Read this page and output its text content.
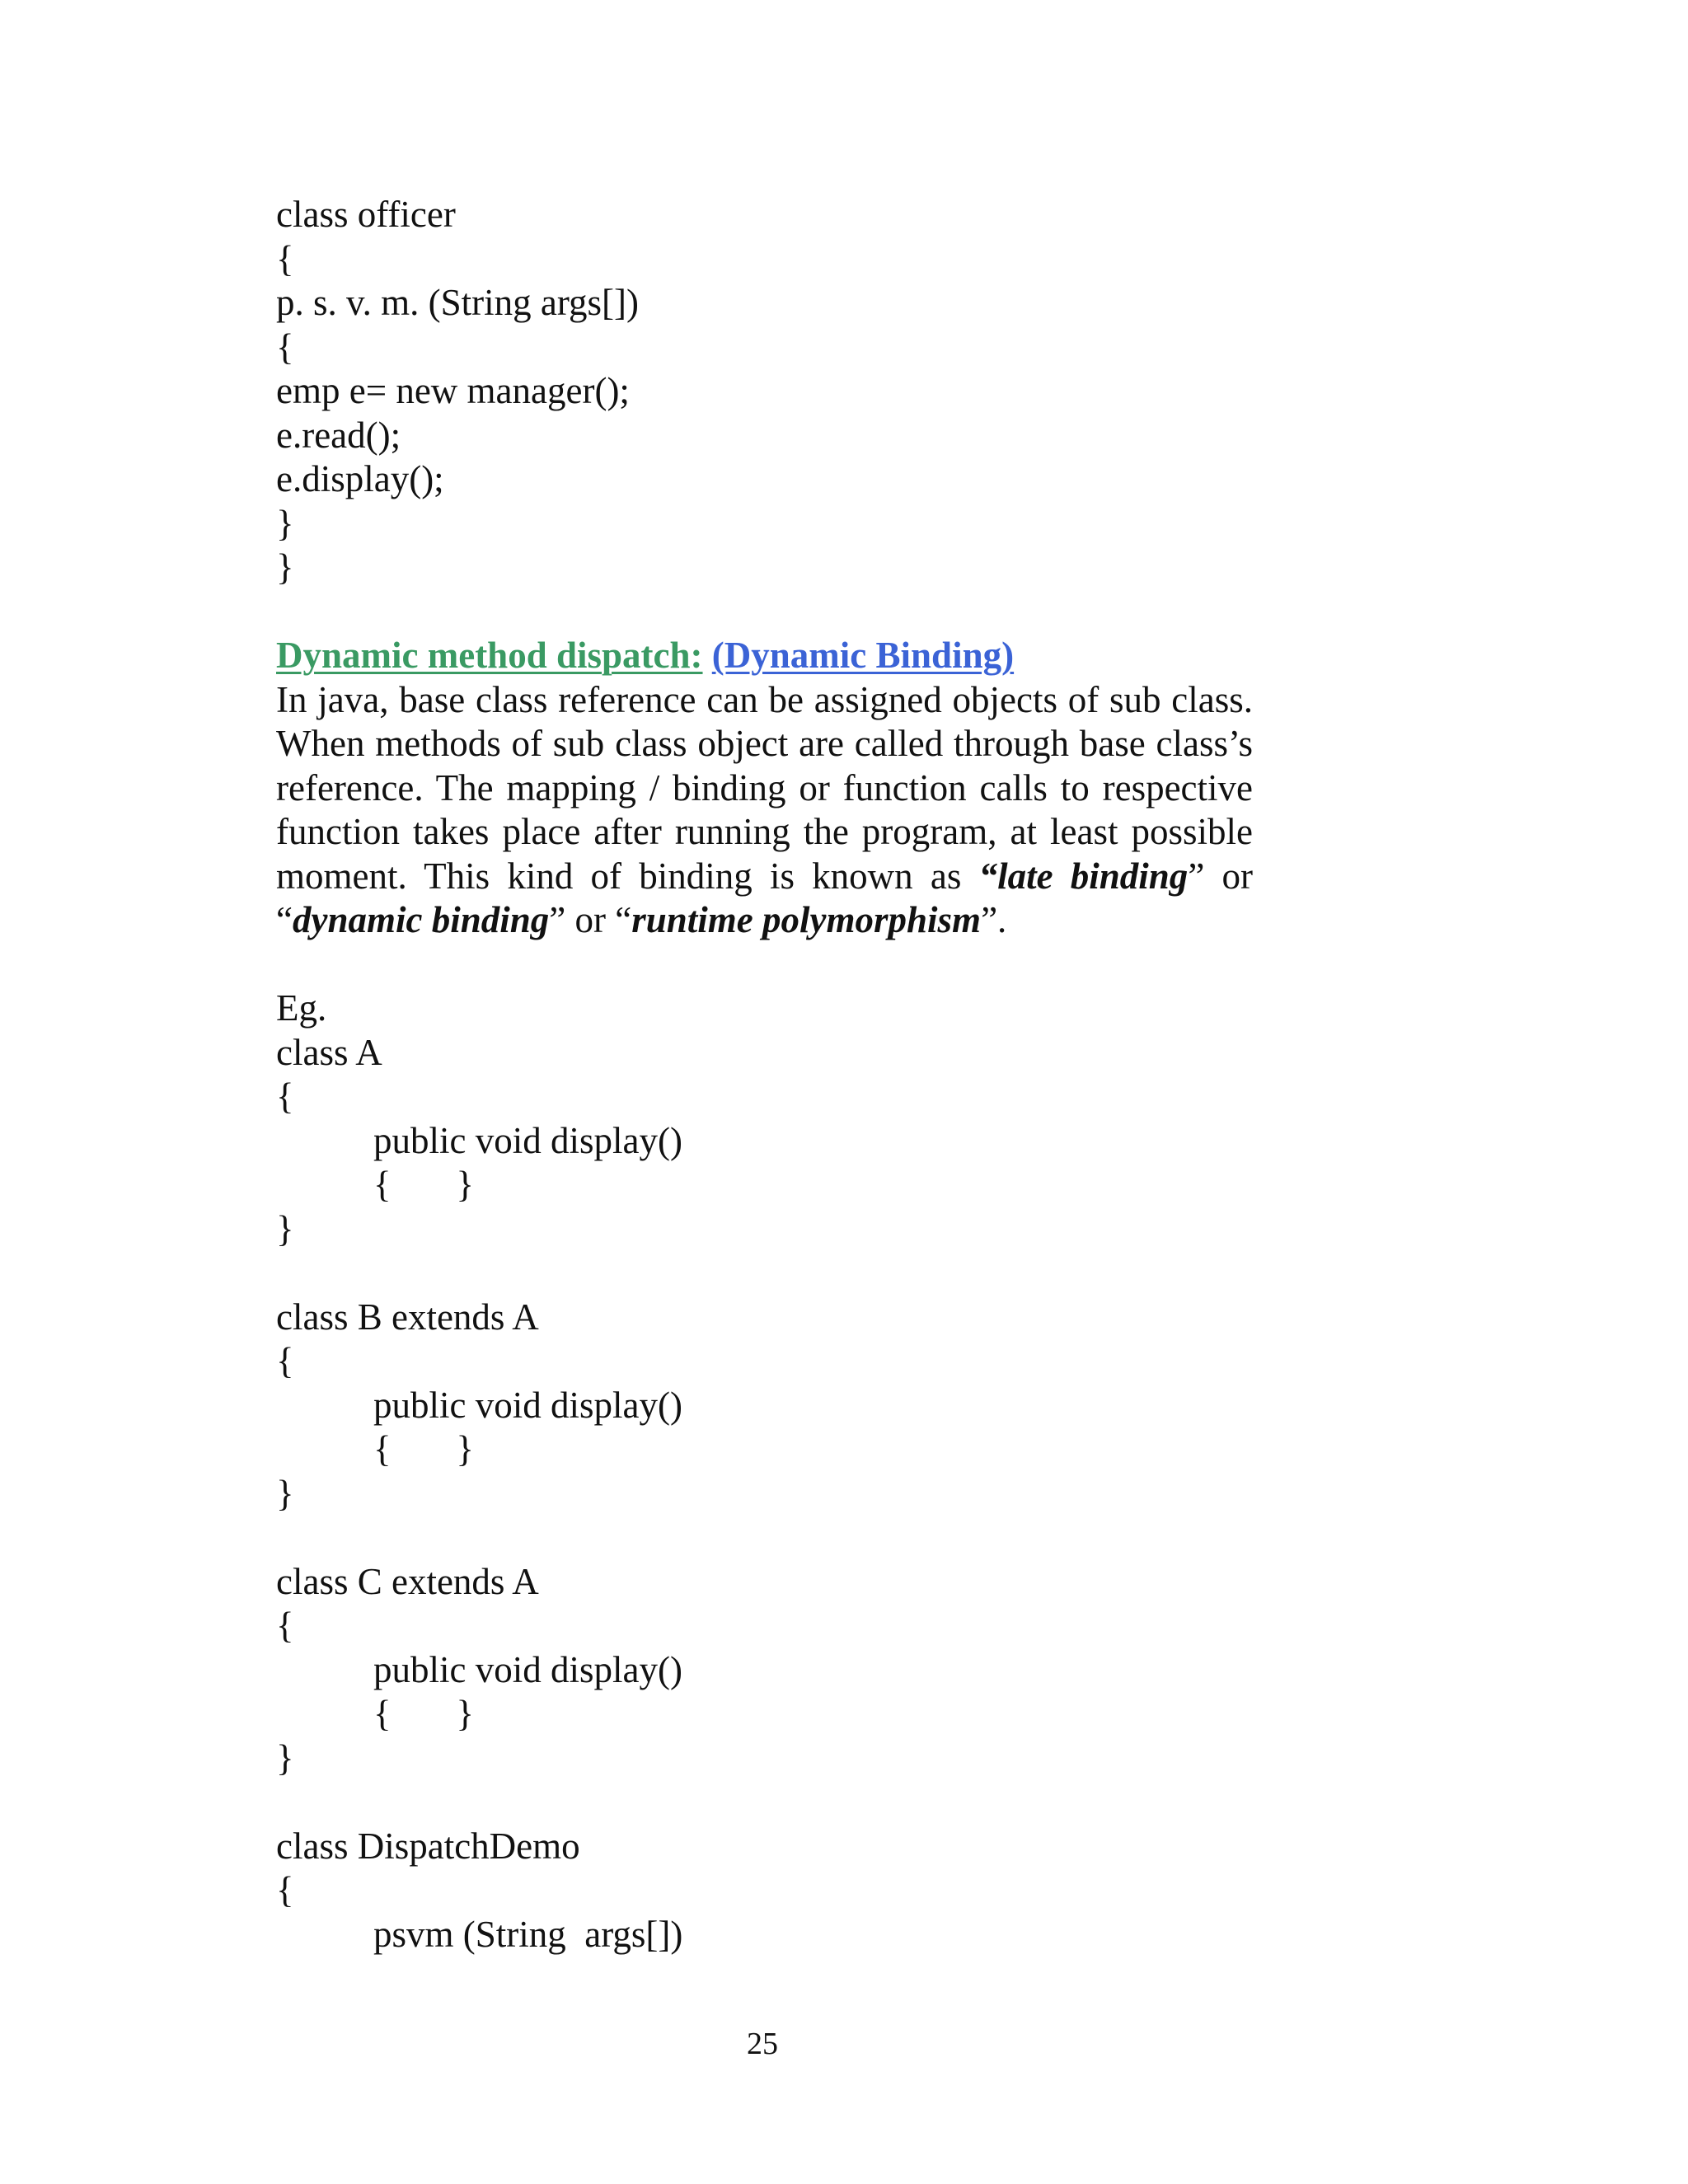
class officer
{
p. s. v. m. (String args[])
{
emp e= new manager();
e.read();
e.display();
}
}
Dynamic method dispatch: (Dynamic Binding)

In java, base class reference can be assigned objects of sub class. When methods of sub class object are called through base class’s reference. The mapping / binding or function calls to respective function takes place after running the program, at least possible moment. This kind of binding is known as “late binding” or “dynamic binding” or “runtime polymorphism”.

Eg.
class A
{
public void display()
{       }
}
class B extends A
{
public void display()
{       }
}
class C extends A
{
public void display()
{       }
}
class DispatchDemo
{
psvm (String  args[])
25
